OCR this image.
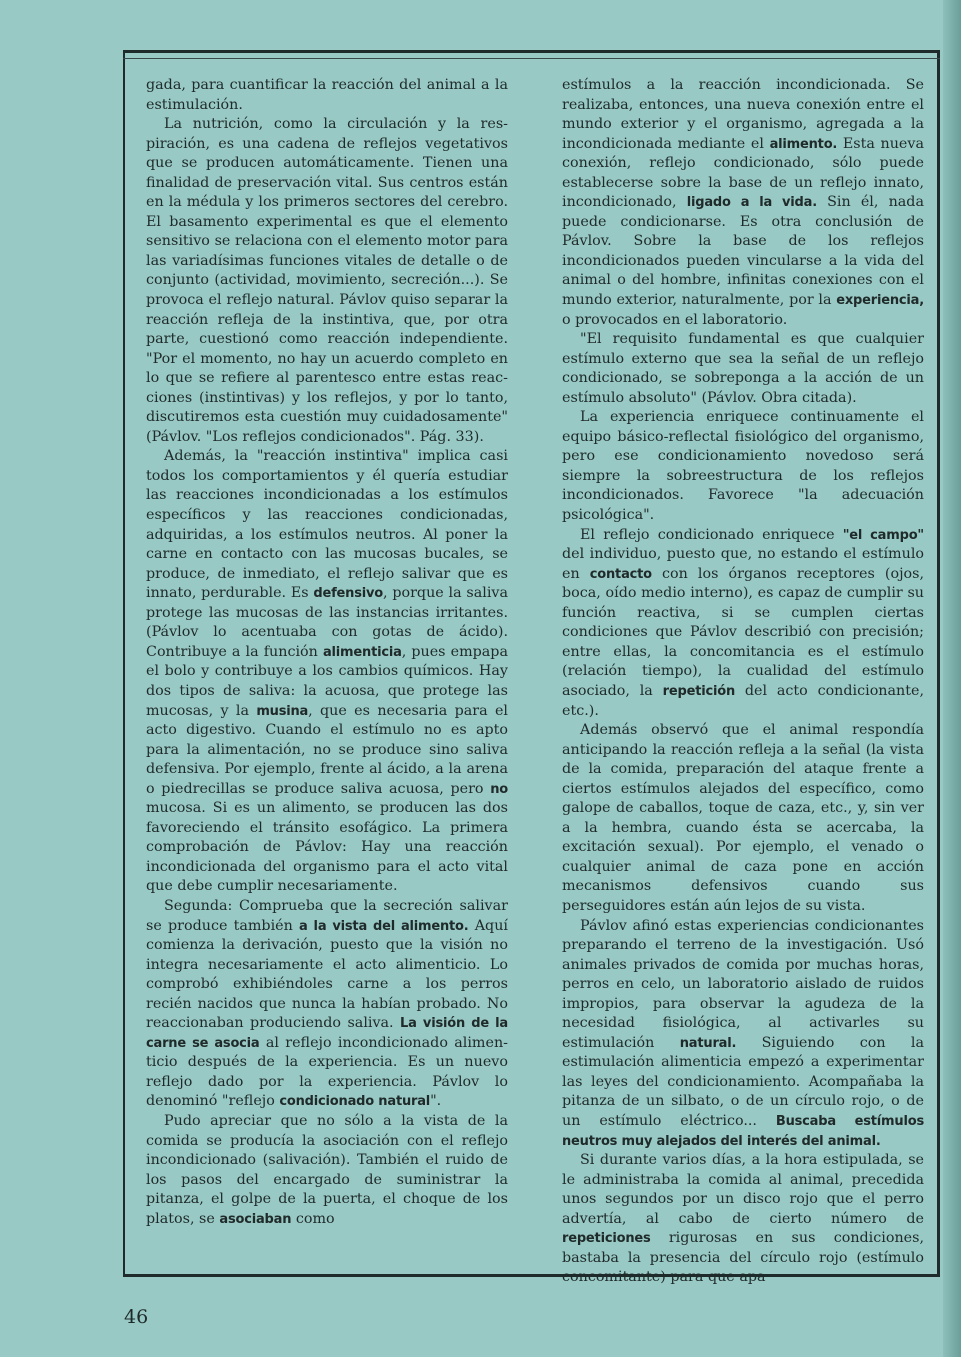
gada, para cuantificar la reacción del animal a la estimulación.

La nutrición, como la circulación y la respiración, es una cadena de reflejos vegetativos que se producen automáticamente. Tienen una finalidad de preservación vital. Sus centros están en la médula y los primeros sectores del cerebro. El basamento experimental es que el elemento sensitivo se relaciona con el elemento motor para las variadísimas funciones vitales de detalle o de conjunto (actividad, movimiento, secreción...). Se provoca el reflejo natural. Pávlov quiso separar la reacción refleja de la instintiva, que, por otra parte, cuestionó como reacción independiente. "Por el momento, no hay un acuerdo completo en lo que se refiere al parentesco entre estas reacciones (instintivas) y los reflejos, y por lo tanto, discutiremos esta cuestión muy cuidadosamente" (Pávlov. "Los reflejos condicionados". Pág. 33).

Además, la "reacción instintiva" implica casi todos los comportamientos y él quería estudiar las reacciones incondicionadas a los estímulos específicos y las reacciones condicionadas, adquiridas, a los estímulos neutros. Al poner la carne en contacto con las mucosas bucales, se produce, de inmediato, el reflejo salivar que es innato, perdurable. Es defensivo, porque la saliva protege las mucosas de las instancias irritantes. (Pávlov lo acentuaba con gotas de ácido). Contribuye a la función alimenticia, pues empapa el bolo y contribuye a los cambios químicos. Hay dos tipos de saliva: la acuosa, que protege las mucosas, y la musina, que es necesaria para el acto digestivo. Cuando el estímulo no es apto para la alimentación, no se produce sino saliva defensiva. Por ejemplo, frente al ácido, a la arena o piedrecillas se produce saliva acuosa, pero no mucosa. Si es un alimento, se producen las dos favoreciendo el tránsito esofágico. La primera comprobación de Pávlov: Hay una reacción incondicionada del organismo para el acto vital que debe cumplir necesariamente.

Segunda: Comprueba que la secreción salivar se produce también a la vista del alimento. Aquí comienza la derivación, puesto que la visión no integra necesariamente el acto alimenticio. Lo comprobó exhibiéndoles carne a los perros recién nacidos que nunca la habían probado. No reaccionaban produciendo saliva. La visión de la carne se asocia al reflejo incondicionado alimenticio después de la experiencia. Es un nuevo reflejo dado por la experiencia. Pávlov lo denominó "reflejo condicionado natural".

Pudo apreciar que no sólo a la vista de la comida se producía la asociación con el reflejo incondicionado (salivación). También el ruido de los pasos del encargado de suministrar la pitanza, el golpe de la puerta, el choque de los platos, se asociaban como

estímulos a la reacción incondicionada. Se realizaba, entonces, una nueva conexión entre el mundo exterior y el organismo, agregada a la incondicionada mediante el alimento. Esta nueva conexión, reflejo condicionado, sólo puede establecerse sobre la base de un reflejo innato, incondicionado, ligado a la vida. Sin él, nada puede condicionarse. Es otra conclusión de Pávlov. Sobre la base de los reflejos incondicionados pueden vincularse a la vida del animal o del hombre, infinitas conexiones con el mundo exterior, naturalmente, por la experiencia, o provocados en el laboratorio.

"El requisito fundamental es que cualquier estímulo externo que sea la señal de un reflejo condicionado, se sobreponga a la acción de un estímulo absoluto" (Pávlov. Obra citada).

La experiencia enriquece continuamente el equipo básico-reflectal fisiológico del organismo, pero ese condicionamiento novedoso será siempre la sobreestructura de los reflejos incondicionados. Favorece "la adecuación psicológica".

El reflejo condicionado enriquece "el campo" del individuo, puesto que, no estando el estímulo en contacto con los órganos receptores (ojos, boca, oído medio interno), es capaz de cumplir su función reactiva, si se cumplen ciertas condiciones que Pávlov describió con precisión; entre ellas, la concomitancia es el estímulo (relación tiempo), la cualidad del estímulo asociado, la repetición del acto condicionante, etc.).

Además observó que el animal respondía anticipando la reacción refleja a la señal (la vista de la comida, preparación del ataque frente a ciertos estímulos alejados del específico, como galope de caballos, toque de caza, etc., y, sin ver a la hembra, cuando ésta se acercaba, la excitación sexual). Por ejemplo, el venado o cualquier animal de caza pone en acción mecanismos defensivos cuando sus perseguidores están aún lejos de su vista.

Pávlov afinó estas experiencias condicionantes preparando el terreno de la investigación. Usó animales privados de comida por muchas horas, perros en celo, un laboratorio aislado de ruidos impropios, para observar la agudeza de la necesidad fisiológica, al activarles su estimulación natural. Siguiendo con la estimulación alimenticia empezó a experimentar las leyes del condicionamiento. Acompañaba la pitanza de un silbato, o de un círculo rojo, o de un estímulo eléctrico... Buscaba estímulos neutros muy alejados del interés del animal.

Si durante varios días, a la hora estipulada, se le administraba la comida al animal, precedida unos segundos por un disco rojo que el perro advertía, al cabo de cierto número de repeticiones rigurosas en sus condiciones, bastaba la presencia del círculo rojo (estímulo concomitante) para que apa

46
